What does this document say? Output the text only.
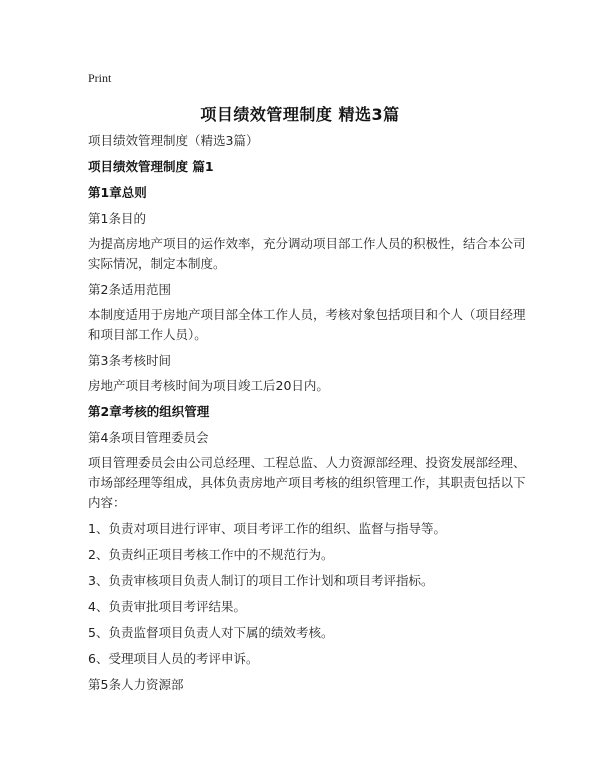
Print
项目绩效管理制度 精选3篇

项目绩效管理制度（精选3篇）

项目绩效管理制度 篇1

第1章总则

第1条目的

为提高房地产项目的运作效率，充分调动项目部工作人员的积极性，结合本公司实际情况，制定本制度。

第2条适用范围

本制度适用于房地产项目部全体工作人员，考核对象包括项目和个人（项目经理和项目部工作人员）。

第3条考核时间

房地产项目考核时间为项目竣工后20日内。

第2章考核的组织管理

第4条项目管理委员会

项目管理委员会由公司总经理、工程总监、人力资源部经理、投资发展部经理、市场部经理等组成，具体负责房地产项目考核的组织管理工作，其职责包括以下内容：

1、负责对项目进行评审、项目考评工作的组织、监督与指导等。

2、负责纠正项目考核工作中的不规范行为。

3、负责审核项目负责人制订的项目工作计划和项目考评指标。

4、负责审批项目考评结果。

5、负责监督项目负责人对下属的绩效考核。

6、受理项目人员的考评申诉。

第5条人力资源部
